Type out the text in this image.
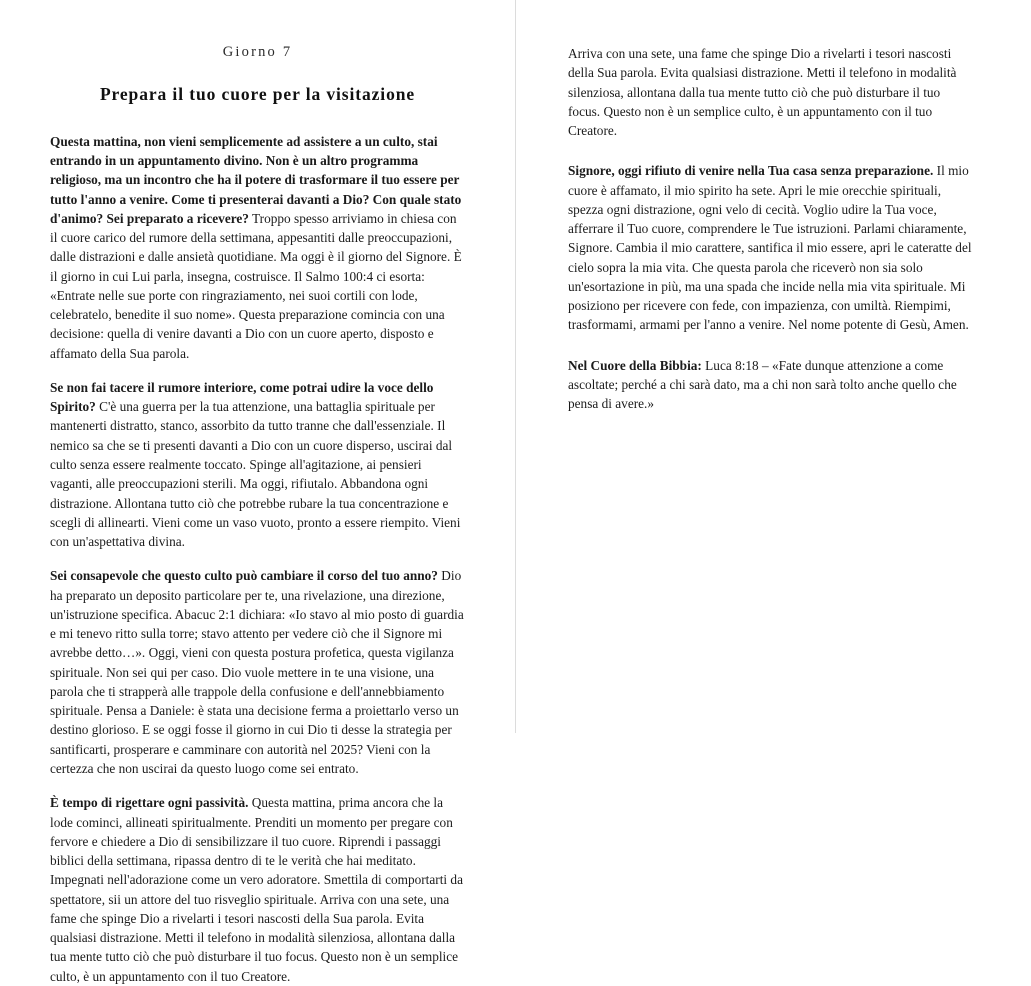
Giorno 7
Prepara il tuo cuore per la visitazione

Questa mattina, non vieni semplicemente ad assistere a un culto, stai entrando in un appuntamento divino. Non è un altro programma religioso, ma un incontro che ha il potere di trasformare il tuo essere per tutto l'anno a venire. Come ti presenterai davanti a Dio? Con quale stato d'animo? Sei preparato a ricevere? Troppo spesso arriviamo in chiesa con il cuore carico del rumore della settimana, appesantiti dalle preoccupazioni, dalle distrazioni e dalle ansietà quotidiane. Ma oggi è il giorno del Signore. È il giorno in cui Lui parla, insegna, costruisce. Il Salmo 100:4 ci esorta: «Entrate nelle sue porte con ringraziamento, nei suoi cortili con lode, celebratelo, benedite il suo nome». Questa preparazione comincia con una decisione: quella di venire davanti a Dio con un cuore aperto, disposto e affamato della Sua parola.

Se non fai tacere il rumore interiore, come potrai udire la voce dello Spirito? C'è una guerra per la tua attenzione, una battaglia spirituale per mantenerti distratto, stanco, assorbito da tutto tranne che dall'essenziale. Il nemico sa che se ti presenti davanti a Dio con un cuore disperso, uscirai dal culto senza essere realmente toccato. Spinge all'agitazione, ai pensieri vaganti, alle preoccupazioni sterili. Ma oggi, rifiutalo. Abbandona ogni distrazione. Allontana tutto ciò che potrebbe rubare la tua concentrazione e scegli di allinearti. Vieni come un vaso vuoto, pronto a essere riempito. Vieni con un'aspettativa divina.

Sei consapevole che questo culto può cambiare il corso del tuo anno? Dio ha preparato un deposito particolare per te, una rivelazione, una direzione, un'istruzione specifica. Abacuc 2:1 dichiara: «Io stavo al mio posto di guardia e mi tenevo ritto sulla torre; stavo attento per vedere ciò che il Signore mi avrebbe detto…». Oggi, vieni con questa postura profetica, questa vigilanza spirituale. Non sei qui per caso. Dio vuole mettere in te una visione, una parola che ti strapperà alle trappole della confusione e dell'annebbiamento spirituale. Pensa a Daniele: è stata una decisione ferma a proiettarlo verso un destino glorioso. E se oggi fosse il giorno in cui Dio ti desse la strategia per santificarti, prosperare e camminare con autorità nel 2025? Vieni con la certezza che non uscirai da questo luogo come sei entrato.

È tempo di rigettare ogni passività. Questa mattina, prima ancora che la lode cominci, allineati spiritualmente. Prenditi un momento per pregare con fervore e chiedere a Dio di sensibilizzare il tuo cuore. Riprendi i passaggi biblici della settimana, ripassa dentro di te le verità che hai meditato. Impegnati nell'adorazione come un vero adoratore. Smettila di comportarti da spettatore, sii un attore del tuo risveglio spirituale. Arriva con una sete, una fame che spinge Dio a rivelarti i tesori nascosti della Sua parola. Evita qualsiasi distrazione. Metti il telefono in modalità silenziosa, allontana dalla tua mente tutto ciò che può disturbare il tuo focus. Questo non è un semplice culto, è un appuntamento con il tuo Creatore.

Arriva con una sete, una fame che spinge Dio a rivelarti i tesori nascosti della Sua parola. Evita qualsiasi distrazione. Metti il telefono in modalità silenziosa, allontana dalla tua mente tutto ciò che può disturbare il tuo focus. Questo non è un semplice culto, è un appuntamento con il tuo Creatore.

Signore, oggi rifiuto di venire nella Tua casa senza preparazione. Il mio cuore è affamato, il mio spirito ha sete. Apri le mie orecchie spirituali, spezza ogni distrazione, ogni velo di cecità. Voglio udire la Tua voce, afferrare il Tuo cuore, comprendere le Tue istruzioni. Parlami chiaramente, Signore. Cambia il mio carattere, santifica il mio essere, apri le cateratte del cielo sopra la mia vita. Che questa parola che riceverò non sia solo un'esortazione in più, ma una spada che incide nella mia vita spirituale. Mi posiziono per ricevere con fede, con impazienza, con umiltà. Riempimi, trasformami, armami per l'anno a venire. Nel nome potente di Gesù, Amen.

Nel Cuore della Bibbia: Luca 8:18 – «Fate dunque attenzione a come ascoltate; perché a chi sarà dato, ma a chi non sarà tolto anche quello che pensa di avere.»
